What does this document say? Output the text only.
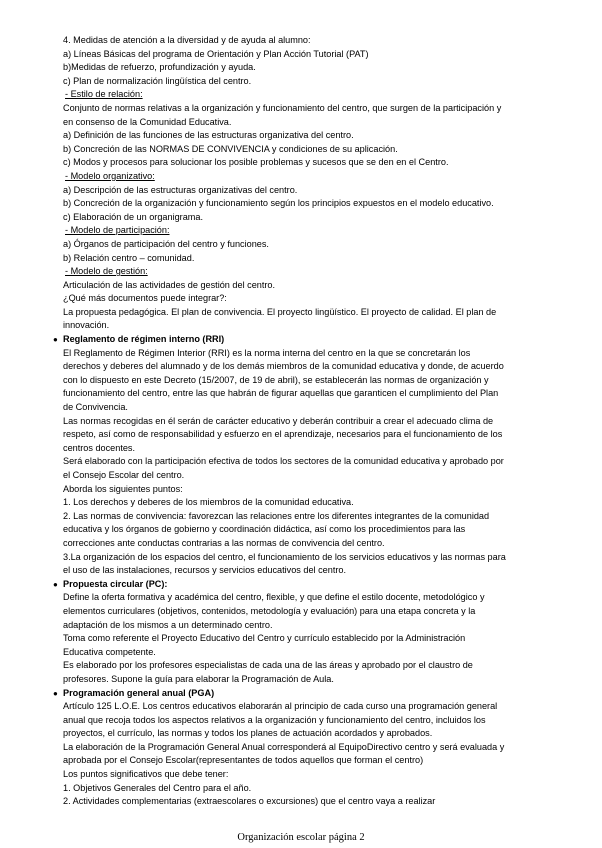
4. Medidas de atención a la diversidad y de ayuda al alumno:
a) Líneas Básicas del programa de Orientación y Plan Acción Tutorial (PAT)
b)Medidas de refuerzo, profundización y ayuda.
c) Plan de normalización lingüística del centro.
- Estilo de relación:
Conjunto de normas relativas a la organización y funcionamiento del centro, que surgen de la participación y
en consenso de la Comunidad Educativa.
a) Definición de las funciones de las estructuras organizativa del centro.
b) Concreción de las NORMAS DE CONVIVENCIA y condiciones de su aplicación.
c) Modos y procesos para solucionar los posible problemas y sucesos que se den en el Centro.
- Modelo organizativo:
a) Descripción de las estructuras organizativas del centro.
b) Concreción de la organización y funcionamiento según los principios expuestos en el modelo educativo.
c) Elaboración de un organigrama.
- Modelo de participación:
a) Órganos de participación del centro y funciones.
b) Relación centro – comunidad.
- Modelo de gestión:
Articulación de las actividades de gestión del centro.
¿Qué más documentos puede integrar?:
La propuesta pedagógica. El plan de convivencia. El proyecto lingüístico. El proyecto de calidad. El plan de
innovación.
● Reglamento de régimen interno (RRI)
El Reglamento de Régimen Interior (RRI) es la norma interna del centro en la que se concretarán los
derechos y deberes del alumnado y de los demás miembros de la comunidad educativa y donde, de acuerdo
con lo dispuesto en este Decreto (15/2007, de 19 de abril), se establecerán las normas de organización y
funcionamiento del centro, entre las que habrán de figurar aquellas que garanticen el cumplimiento del Plan
de Convivencia.
Las normas recogidas en él serán de carácter educativo y deberán contribuir a crear el adecuado clima de
respeto, así como de responsabilidad y esfuerzo en el aprendizaje, necesarios para el funcionamiento de los
centros docentes.
Será elaborado con la participación efectiva de todos los sectores de la comunidad educativa y aprobado por
el Consejo Escolar del centro.
Aborda los siguientes puntos:
1. Los derechos y deberes de los miembros de la comunidad educativa.
2. Las normas de convivencia: favorezcan las relaciones entre los diferentes integrantes de la comunidad
educativa y los órganos de gobierno y coordinación didáctica, así como los procedimientos para las
correcciones ante conductas contrarias a las normas de convivencia del centro.
3.La organización de los espacios del centro, el funcionamiento de los servicios educativos y las normas para
el uso de las instalaciones, recursos y servicios educativos del centro.
● Propuesta circular (PC):
Define la oferta formativa y académica del centro, flexible, y que define el estilo docente, metodológico y
elementos curriculares (objetivos, contenidos, metodología y evaluación) para una etapa concreta y la
adaptación de los mismos a un determinado centro.
Toma como referente el Proyecto Educativo del Centro y currículo establecido por la Administración
Educativa competente.
Es elaborado por los profesores especialistas de cada una de las áreas y aprobado por el claustro de
profesores. Supone la guía para elaborar la Programación de Aula.
● Programación general anual (PGA)
Artículo 125 L.O.E. Los centros educativos elaborarán al principio de cada curso una programación general
anual que recoja todos los aspectos relativos a la organización y funcionamiento del centro, incluidos los
proyectos, el currículo, las normas y todos los planes de actuación acordados y aprobados.
La elaboración de la Programación General Anual corresponderá al EquipoDirectivo centro y será evaluada y
aprobada por el Consejo Escolar(representantes de todos aquellos que forman el centro)
Los puntos significativos que debe tener:
1. Objetivos Generales del Centro para el año.
2. Actividades complementarias (extraescolares o excursiones) que el centro vaya a realizar
Organización escolar página 2
